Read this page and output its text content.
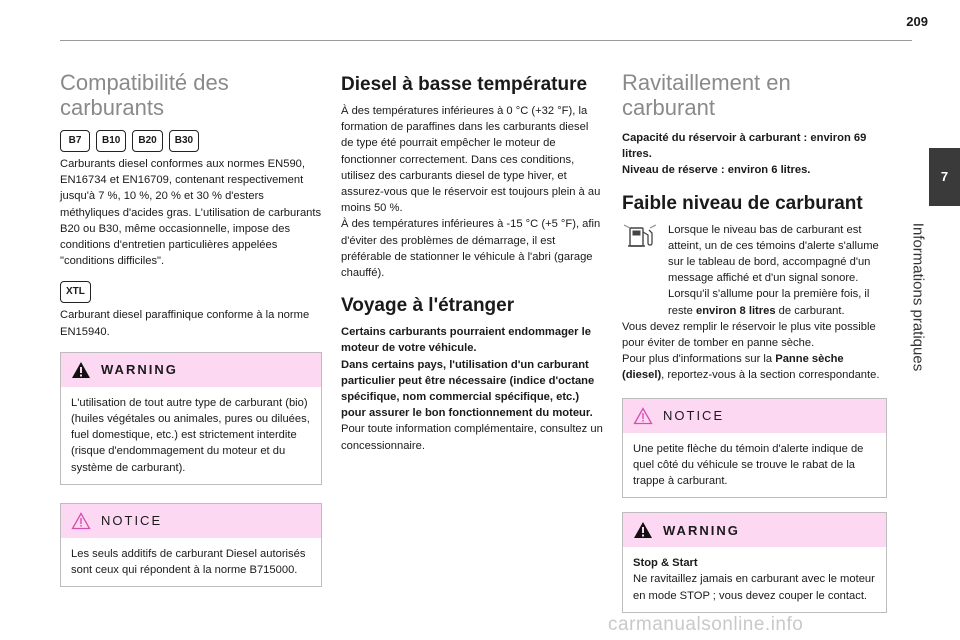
209
7
Informations pratiques
Compatibilité des carburants
B7	B10	B20	B30

Carburants diesel conformes aux normes EN590, EN16734 et EN16709, contenant respectivement jusqu'à 7 %, 10 %, 20 % et 30 % d'esters méthyliques d'acides gras. L'utilisation de carburants B20 ou B30, même occasionnelle, impose des conditions d'entretien particulières appelées "conditions difficiles".

XTL

Carburant diesel paraffinique conforme à la norme EN15940.

WARNING

L'utilisation de tout autre type de carburant (bio) (huiles végétales ou animales, pures ou diluées, fuel domestique, etc.) est strictement interdite (risque d'endommagement du moteur et du système de carburant).

NOTICE

Les seuls additifs de carburant Diesel autorisés sont ceux qui répondent à la norme B715000.

Diesel à basse température

À des températures inférieures à 0 °C (+32 °F), la formation de paraffines dans les carburants diesel de type été pourrait empêcher le moteur de fonctionner correctement. Dans ces conditions, utilisez des carburants diesel de type hiver, et assurez-vous que le réservoir est toujours plein à au moins 50 %.

À des températures inférieures à -15 °C (+5 °F), afin d'éviter des problèmes de démarrage, il est préférable de stationner le véhicule à l'abri (garage chauffé).

Voyage à l'étranger

Certains carburants pourraient endommager le moteur de votre véhicule.

Dans certains pays, l'utilisation d'un carburant particulier peut être nécessaire (indice d'octane spécifique, nom commercial spécifique, etc.) pour assurer le bon fonctionnement du moteur.

Pour toute information complémentaire, consultez un concessionnaire.

Ravitaillement en carburant

Capacité du réservoir à carburant : environ 69 litres.

Niveau de réserve : environ 6 litres.

Faible niveau de carburant

Lorsque le niveau bas de carburant est atteint, un de ces témoins d'alerte s'allume sur le tableau de bord, accompagné d'un message affiché et d'un signal sonore. Lorsqu'il s'allume pour la première fois, il reste environ 8 litres de carburant.

Vous devez remplir le réservoir le plus vite possible pour éviter de tomber en panne sèche.

Pour plus d'informations sur la Panne sèche (diesel), reportez-vous à la section correspondante.

NOTICE

Une petite flèche du témoin d'alerte indique de quel côté du véhicule se trouve le rabat de la trappe à carburant.

WARNING

Stop & Start

Ne ravitaillez jamais en carburant avec le moteur en mode STOP ; vous devez couper le contact.

carmanualsonline.info
